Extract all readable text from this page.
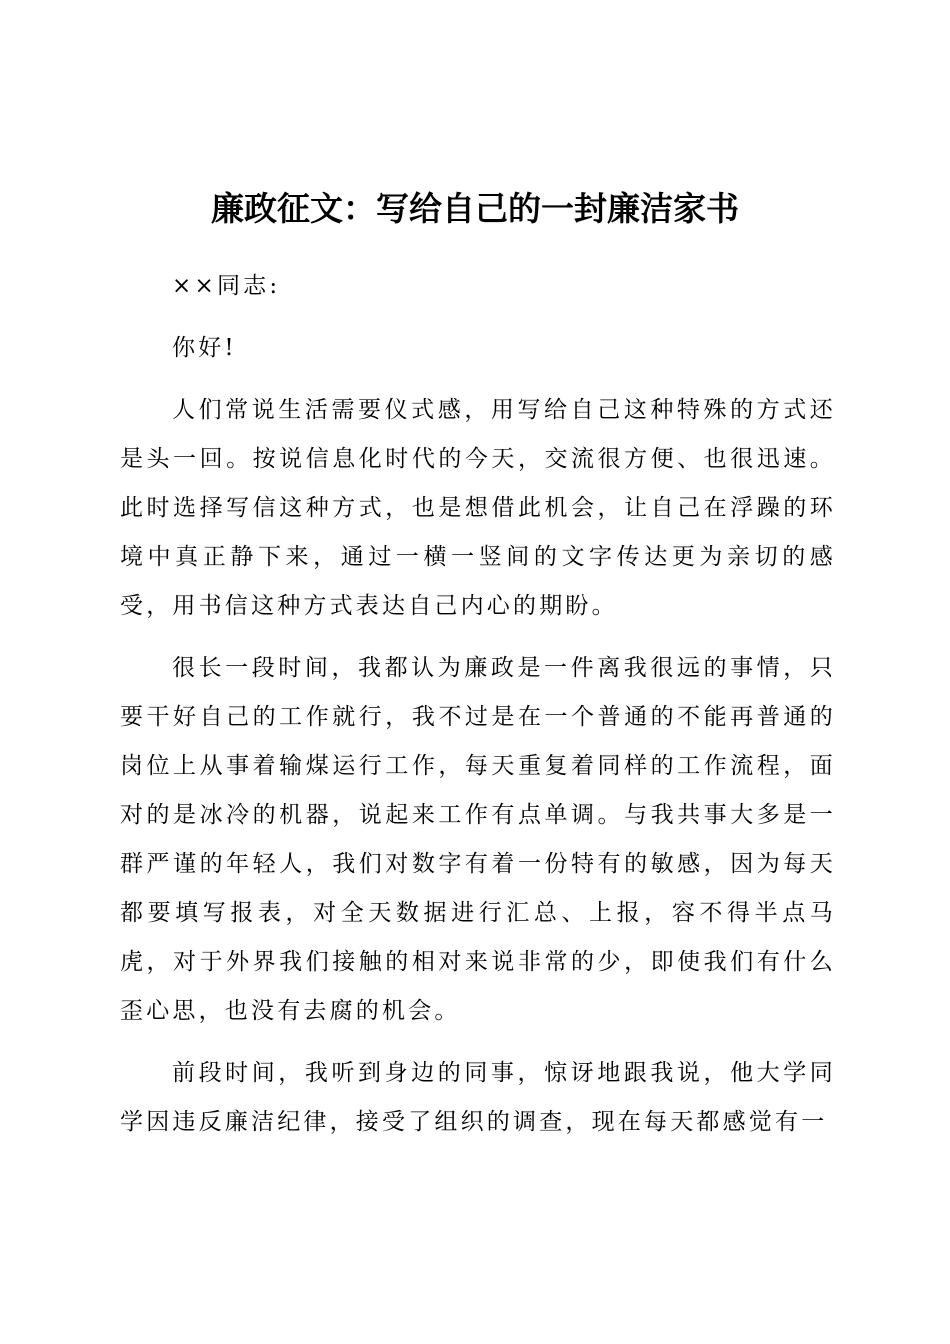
廉政征文：写给自己的一封廉洁家书

××同志:

你好!

人们常说生活需要仪式感，用写给自己这种特殊的方式还是头一回。按说信息化时代的今天，交流很方便、也很迅速。此时选择写信这种方式，也是想借此机会，让自己在浮躁的环境中真正静下来，通过一横一竖间的文字传达更为亲切的感受，用书信这种方式表达自己内心的期盼。

很长一段时间，我都认为廉政是一件离我很远的事情，只要干好自己的工作就行，我不过是在一个普通的不能再普通的岗位上从事着输煤运行工作，每天重复着同样的工作流程，面对的是冰冷的机器，说起来工作有点单调。与我共事大多是一群严谨的年轻人，我们对数字有着一份特有的敏感，因为每天都要填写报表，对全天数据进行汇总、上报，容不得半点马虎，对于外界我们接触的相对来说非常的少，即使我们有什么歪心思，也没有去腐的机会。

前段时间，我听到身边的同事，惊讶地跟我说，他大学同学因违反廉洁纪律，接受了组织的调查，现在每天都感觉有一
